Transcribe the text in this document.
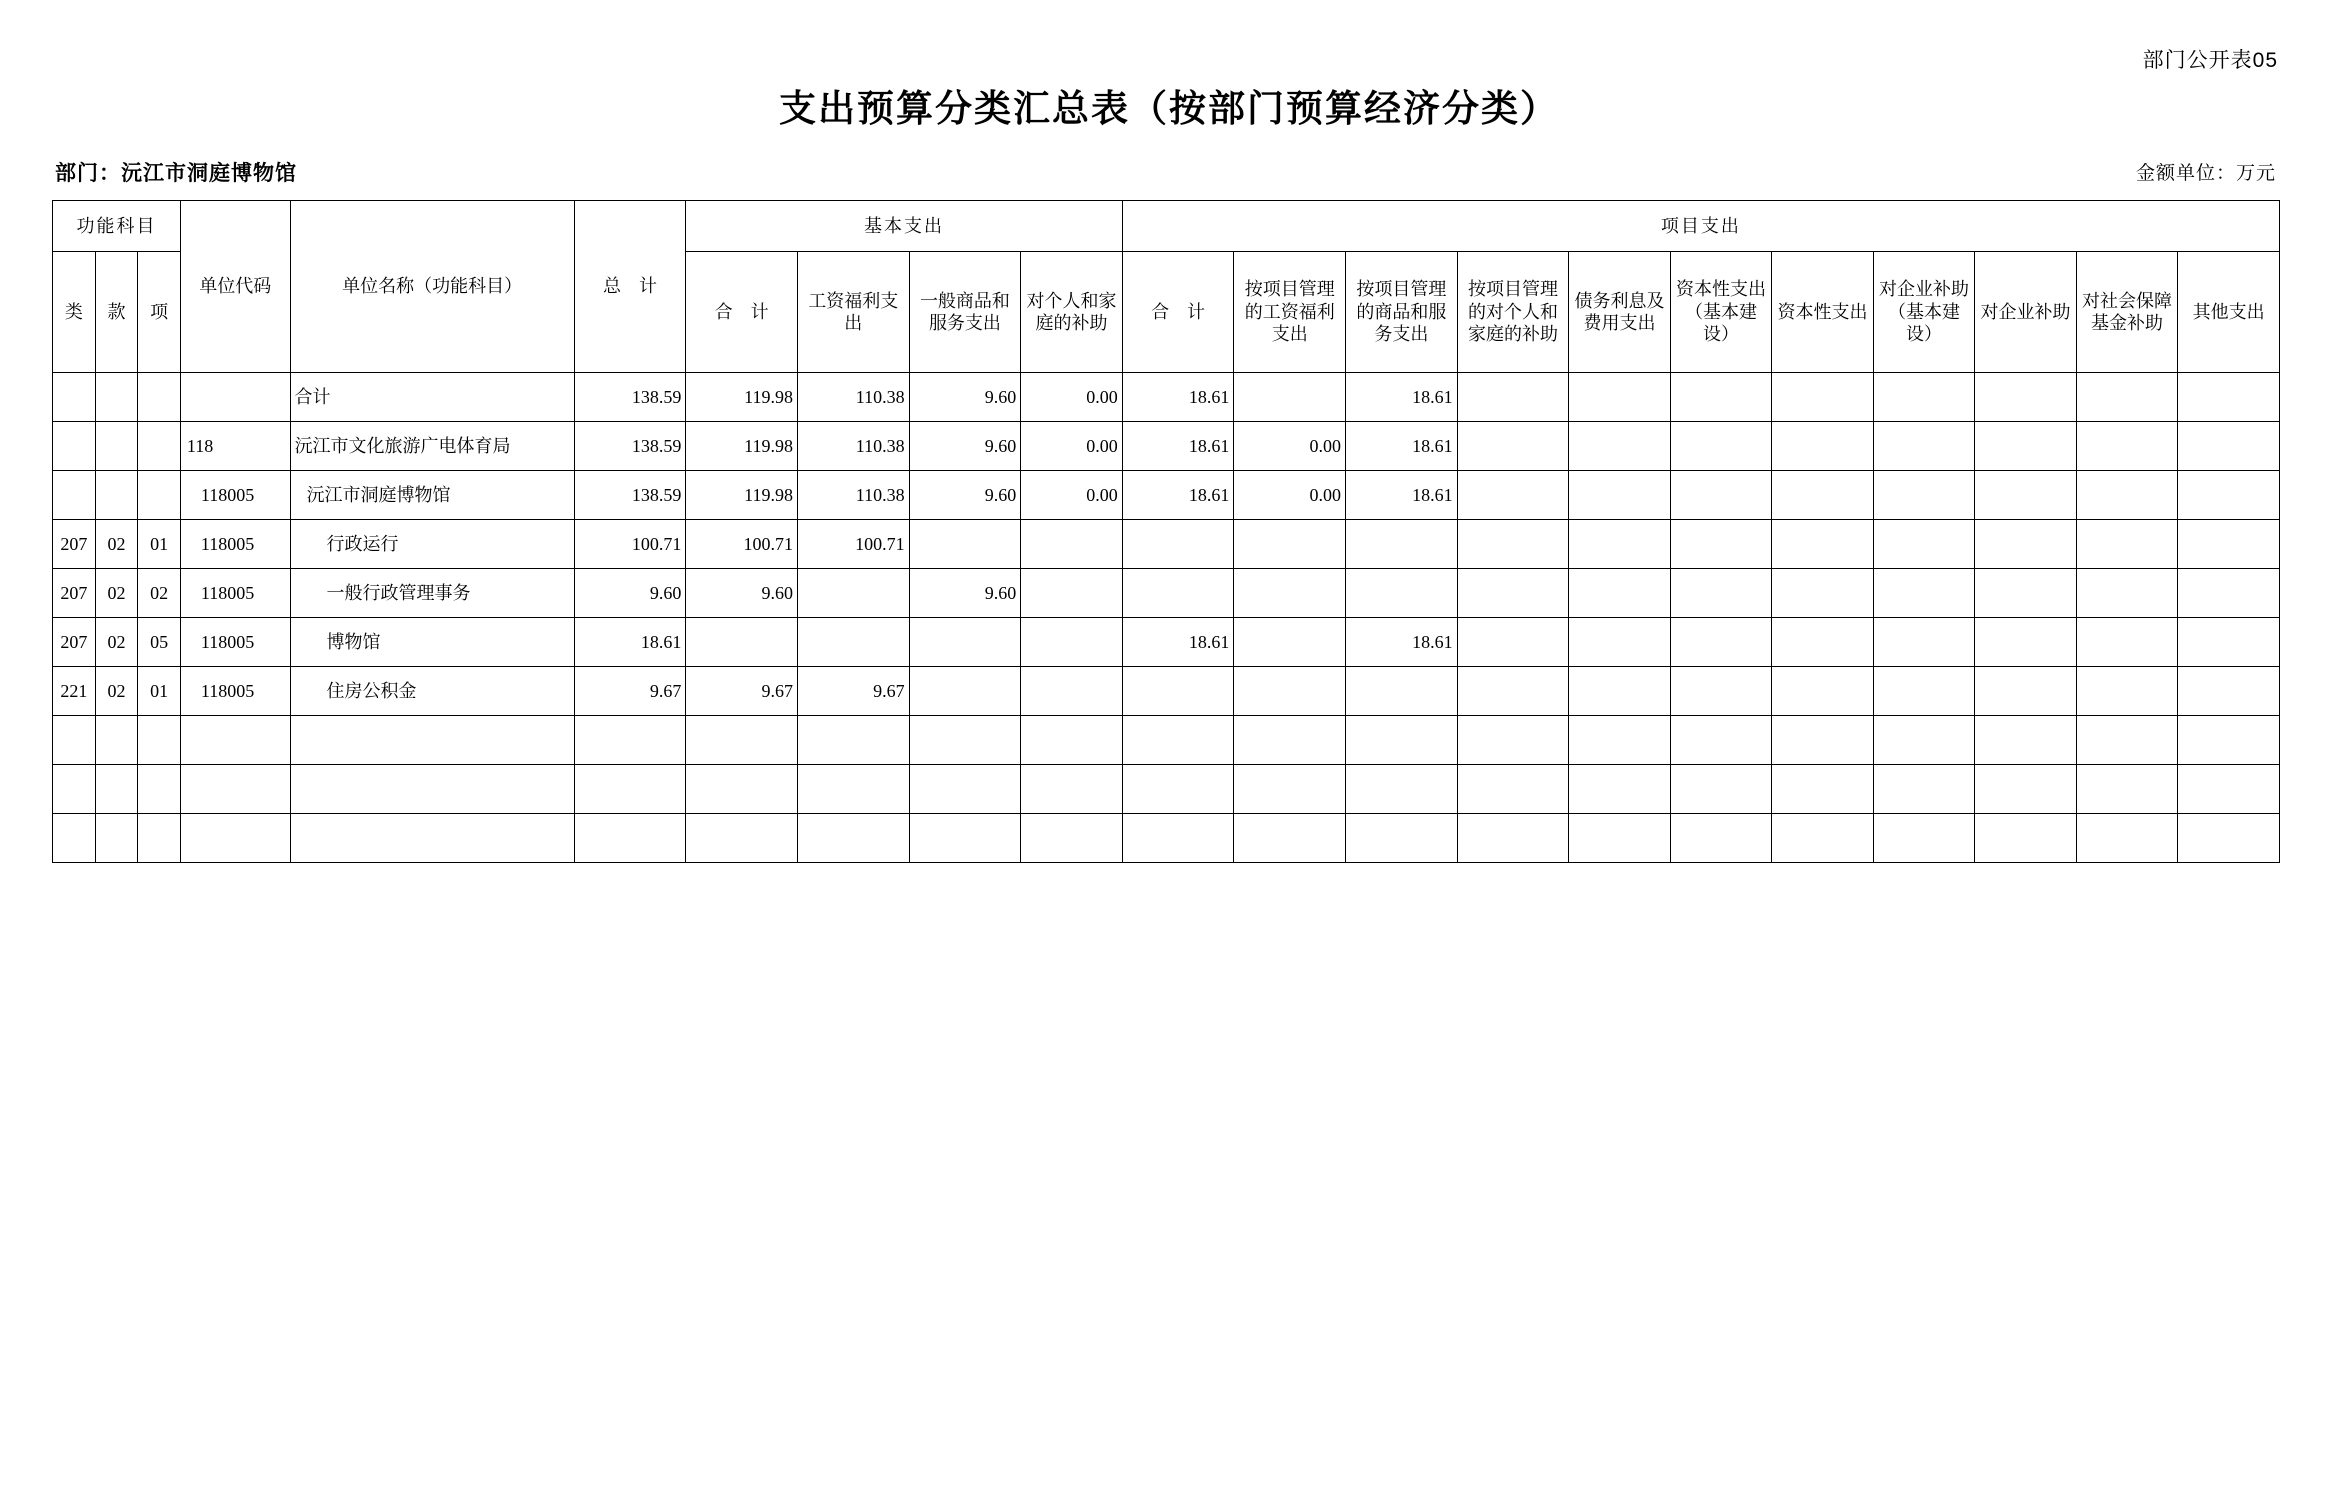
部门公开表05
支出预算分类汇总表（按部门预算经济分类）
部门：沅江市洞庭博物馆	金额单位：万元
功能科目			单位代码	单位名称（功能科目）	总　计	基本支出				项目支出										
类	款	项				合　计	工资福利支出	一般商品和服务支出	对个人和家庭的补助	合　计	按项目管理的工资福利支出	按项目管理的商品和服务支出	按项目管理的对个人和家庭的补助	债务利息及费用支出	资本性支出（基本建设）	资本性支出	对企业补助（基本建设）	对企业补助	对社会保障基金补助	其他支出
				合计	138.59	119.98	110.38	9.60	0.00	18.61		18.61								
			118	沅江市文化旅游广电体育局	138.59	119.98	110.38	9.60	0.00	18.61	0.00	18.61								
			118005	沅江市洞庭博物馆	138.59	119.98	110.38	9.60	0.00	18.61	0.00	18.61								
207	02	01	118005	行政运行	100.71	100.71	100.71													
207	02	02	118005	一般行政管理事务	9.60	9.60		9.60												
207	02	05	118005	博物馆	18.61					18.61		18.61								
221	02	01	118005	住房公积金	9.67	9.67	9.67													
